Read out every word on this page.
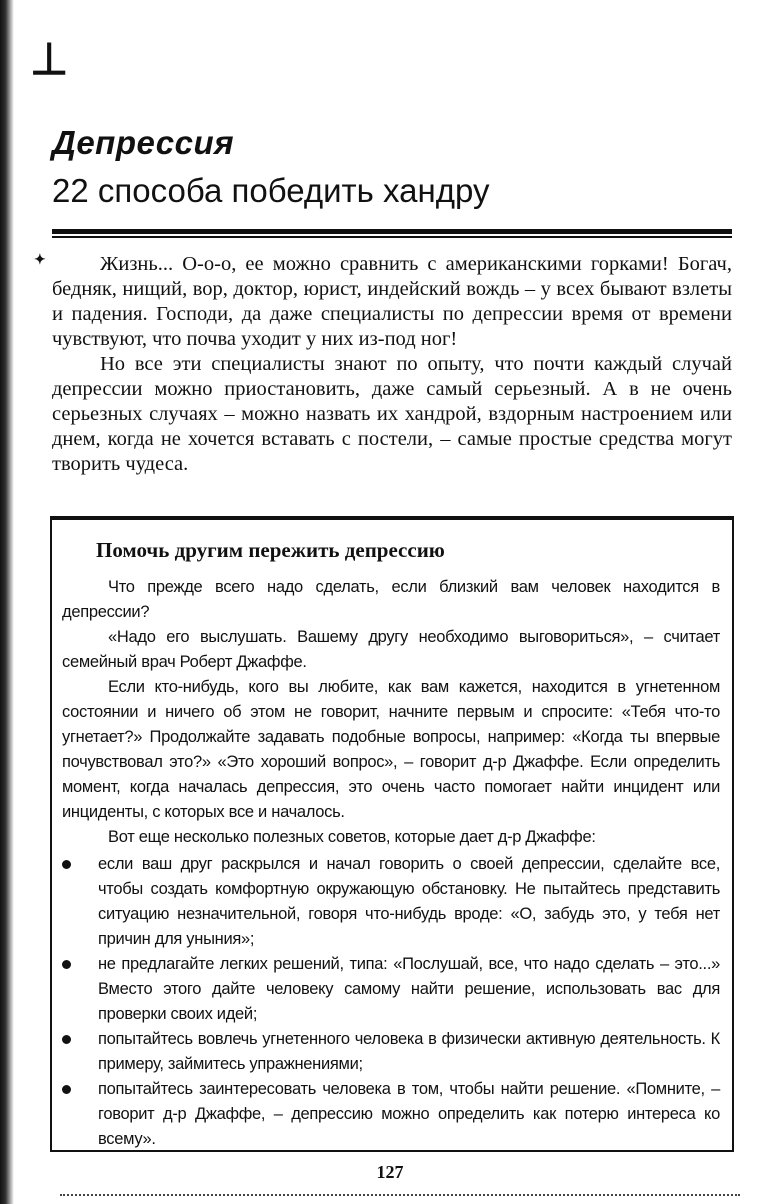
⊥
Депрессия
22 способа победить хандру
✦	Жизнь... О-о-о, ее можно сравнить с американскими горками! Богач, бедняк, нищий, вор, доктор, юрист, индейский вождь – у всех бывают взлеты и падения. Господи, да даже специалисты по депрессии время от времени чувствуют, что почва уходит у них из-под ног!

Но все эти специалисты знают по опыту, что почти каждый случай депрессии можно приостановить, даже самый серьезный. А в не очень серьезных случаях – можно назвать их хандрой, вздорным настроением или днем, когда не хочется вставать с постели, – самые простые средства могут творить чудеса.

Помочь другим пережить депрессию

Что прежде всего надо сделать, если близкий вам человек находится в депрессии?

«Надо его выслушать. Вашему другу необходимо выговориться», – считает семейный врач Роберт Джаффе.

Если кто-нибудь, кого вы любите, как вам кажется, находится в угнетенном состоянии и ничего об этом не говорит, начните первым и спросите: «Тебя что-то угнетает?» Продолжайте задавать подобные вопросы, например: «Когда ты впервые почувствовал это?» «Это хороший вопрос», – говорит д-р Джаффе. Если определить момент, когда началась депрессия, это очень часто помогает найти инцидент или инциденты, с которых все и началось.

Вот еще несколько полезных советов, которые дает д-р Джаффе:

если ваш друг раскрылся и начал говорить о своей депрессии, сделайте все, чтобы создать комфортную окружающую обстановку. Не пытайтесь представить ситуацию незначительной, говоря что-нибудь вроде: «О, забудь это, у тебя нет причин для уныния»;
не предлагайте легких решений, типа: «Послушай, все, что надо сделать – это...» Вместо этого дайте человеку самому найти решение, использовать вас для проверки своих идей;
попытайтесь вовлечь угнетенного человека в физически активную деятельность. К примеру, займитесь упражнениями;
попытайтесь заинтересовать человека в том, чтобы найти решение. «Помните, – говорит д-р Джаффе, – депрессию можно определить как потерю интереса ко всему».
127
